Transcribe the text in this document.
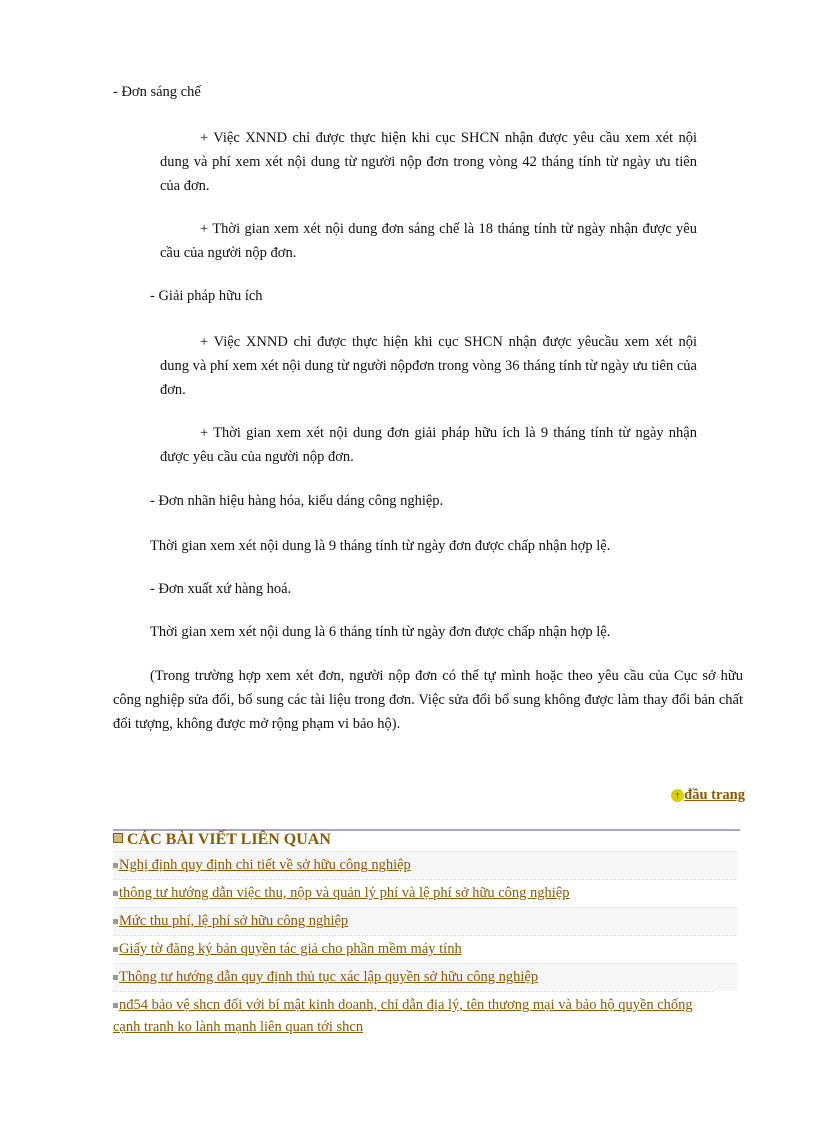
- Đơn sáng chế

+ Việc XNND chỉ được thực hiện khi cục SHCN nhận được yêu cầu xem xét nội dung và phí xem xét nội dung từ người nộp đơn trong vòng 42 tháng tính từ ngày ưu tiên của đơn.

+ Thời gian xem xét nội dung đơn sáng chế là 18 tháng tính từ ngày nhận được yêu cầu của người nộp đơn.

- Giải pháp hữu ích

+ Việc XNND chỉ được thực hiện khi cục SHCN nhận được yêucầu xem xét nội dung và phí xem xét nội dung từ người nộpđơn trong vòng 36 tháng tính từ ngày ưu tiên của đơn.

+ Thời gian xem xét nội dung đơn giải pháp hữu ích là 9 tháng tính từ ngày nhận được yêu cầu của người nộp đơn.

- Đơn nhãn hiệu hàng hóa, kiểu dáng công nghiệp.

Thời gian xem xét nội dung là 9 tháng tính từ ngày đơn được chấp nhận hợp lệ.

- Đơn xuất xứ hàng hoá.

Thời gian xem xét nội dung là 6 tháng tính từ ngày đơn được chấp nhận hợp lệ.

(Trong trường hợp xem xét đơn, người nộp đơn có thể tự mình hoặc theo yêu cầu của Cục sở hữu công nghiệp sửa đổi, bổ sung các tài liệu trong đơn. Việc sửa đổi bổ sung không được làm thay đổi bản chất đối tượng, không được mở rộng phạm vi bảo hộ).

↑ đầu trang
CÁC BÀI VIẾT LIÊN QUAN
Nghị định quy định chi tiết về sở hữu công nghiệp
thông tư hướng dẫn việc thu, nộp và quản lý phí và lệ phí sở hữu công nghiệp
Mức thu phí, lệ phí sở hữu công nghiệp
Giấy tờ đăng ký bản quyền tác giả cho phần mềm máy tính
Thông tư hướng dẫn quy định thủ tục xác lập quyền sở hữu công nghiệp
nđ54 bảo vệ shcn đối với bí mật kinh doanh, chỉ dẫn địa lý, tên thương mại và bảo hộ quyền chống cạnh tranh ko lành mạnh liên quan tới shcn
